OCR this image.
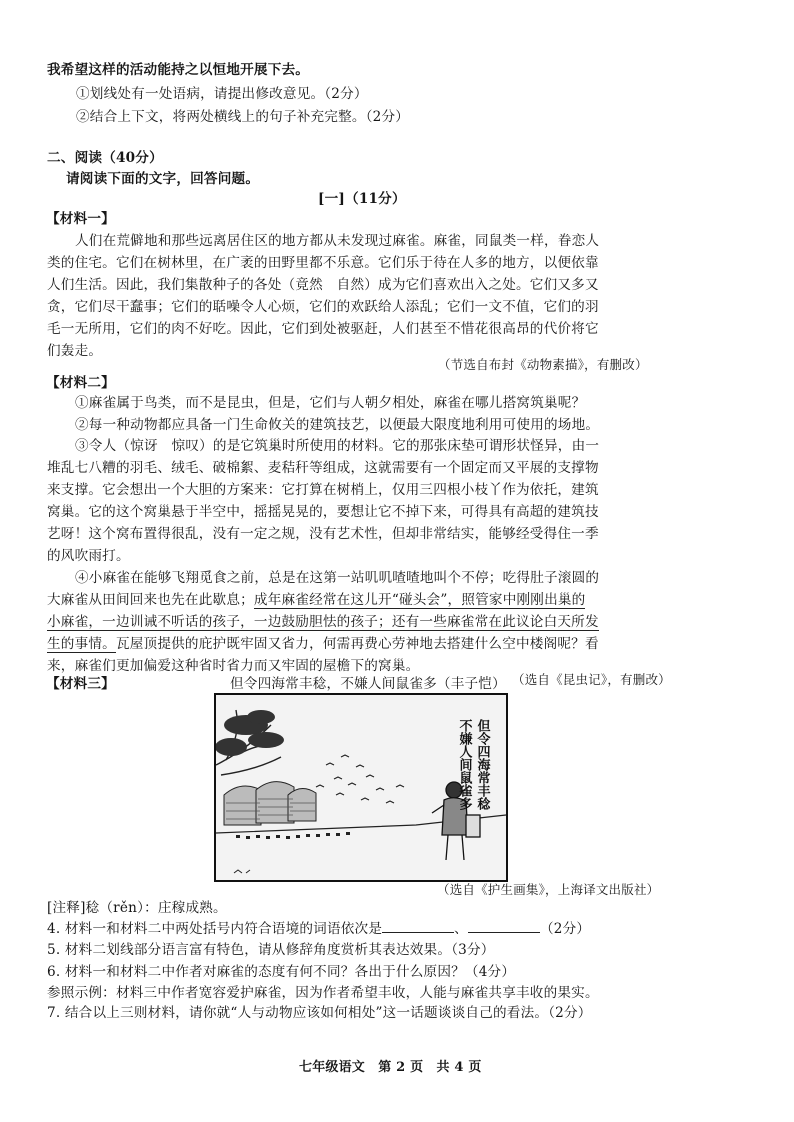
我希望这样的活动能持之以恒地开展下去。
①划线处有一处语病，请提出修改意见。（2分）
②结合上下文，将两处横线上的句子补充完整。（2分）
二、阅读（40分）
请阅读下面的文字，回答问题。
[一]（11分）
【材料一】
人们在荒僻地和那些远离居住区的地方都从未发现过麻雀。麻雀，同鼠类一样，眷恋人
类的住宅。它们在树林里，在广袤的田野里都不乐意。它们乐于待在人多的地方，以便依靠
人们生活。因此，我们集散种子的各处（竟然　自然）成为它们喜欢出入之处。它们又多又
贪，它们尽干蠢事；它们的聒噪令人心烦，它们的欢跃给人添乱；它们一文不值，它们的羽
毛一无所用，它们的肉不好吃。因此，它们到处被驱赶，人们甚至不惜花很高昂的代价将它
们轰走。
（节选自布封《动物素描》，有删改）
【材料二】
①麻雀属于鸟类，而不是昆虫，但是，它们与人朝夕相处，麻雀在哪儿搭窝筑巢呢？
②每一种动物都应具备一门生命攸关的建筑技艺，以便最大限度地利用可使用的场地。
③令人（惊讶　惊叹）的是它筑巢时所使用的材料。它的那张床垫可谓形状怪异，由一
堆乱七八糟的羽毛、绒毛、破棉絮、麦秸秆等组成，这就需要有一个固定而又平展的支撑物
来支撑。它会想出一个大胆的方案来：它打算在树梢上，仅用三四根小枝丫作为依托，建筑
窝巢。它的这个窝巢悬于半空中，摇摇晃晃的，要想让它不掉下来，可得具有高超的建筑技
艺呀！这个窝布置得很乱，没有一定之规，没有艺术性，但却非常结实，能够经受得住一季
的风吹雨打。
④小麻雀在能够飞翔觅食之前，总是在这第一站叽叽喳喳地叫个不停；吃得肚子滚圆的
大麻雀从田间回来也先在此歇息；成年麻雀经常在这儿开“碰头会”，照管家中刚刚出巢的
小麻雀，一边训诫不听话的孩子，一边鼓励胆怯的孩子；还有一些麻雀常在此议论白天所发
生的事情。瓦屋顶提供的庇护既牢固又省力，何需再费心劳神地去搭建什么空中楼阁呢？看
来，麻雀们更加偏爱这种省时省力而又牢固的屋檐下的窝巢。
（选自《昆虫记》，有删改）
【材料三】	但令四海常丰稔，不嫌人间鼠雀多（丰子恺）
但令四海常丰稔
不嫌人间鼠雀多
（选自《护生画集》，上海译文出版社）
[注释]稔（rěn）：庄稼成熟。
4. 材料一和材料二中两处括号内符合语境的词语依次是	、	（2分）
5. 材料二划线部分语言富有特色，请从修辞角度赏析其表达效果。（3分）
6. 材料一和材料二中作者对麻雀的态度有何不同？各出于什么原因？（4分）
参照示例：材料三中作者宽容爱护麻雀，因为作者希望丰收，人能与麻雀共享丰收的果实。
7. 结合以上三则材料，请你就“人与动物应该如何相处”这一话题谈谈自己的看法。（2分）
七年级语文　第 2 页　共 4 页
